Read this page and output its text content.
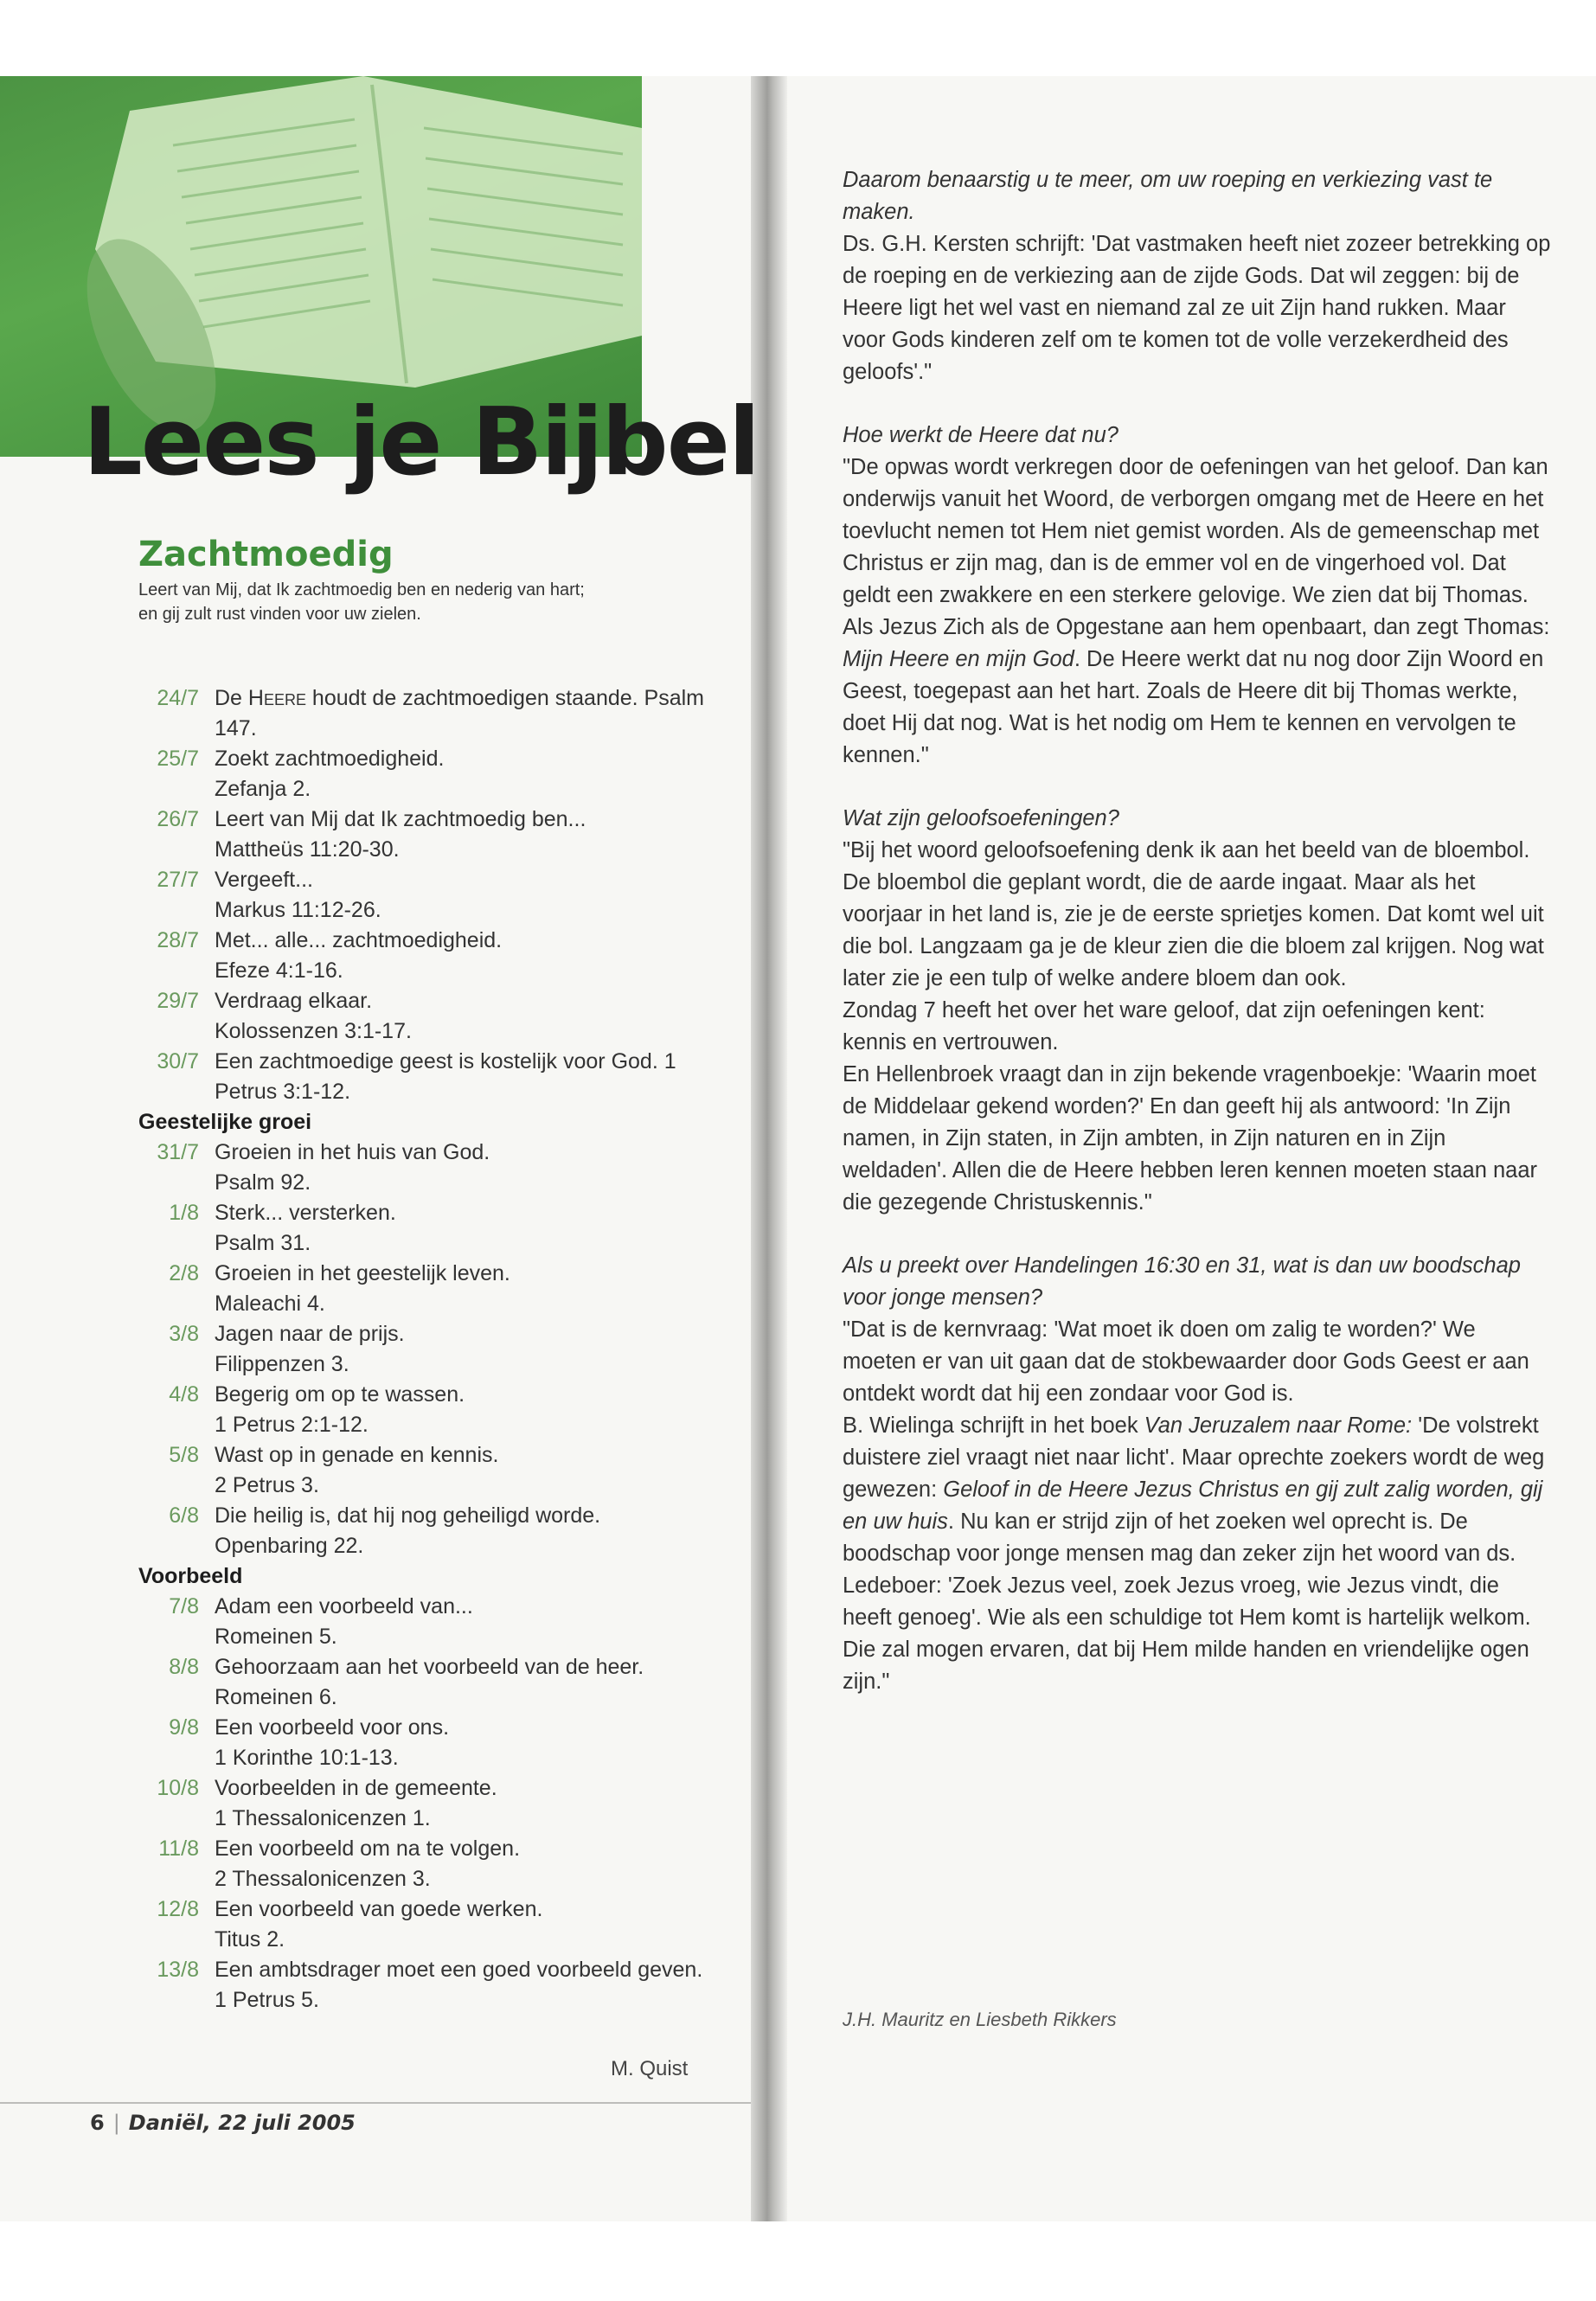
Lees je Bijbel
Zachtmoedig
Leert van Mij, dat Ik zachtmoedig ben en nederig van hart;
en gij zult rust vinden voor uw zielen.
24/7 De Heere houdt de zachtmoedigen staande. Psalm 147.
25/7 Zoekt zachtmoedigheid.
Zefanja 2.
26/7 Leert van Mij dat Ik zachtmoedig ben...
Mattheüs 11:20-30.
27/7 Vergeeft...
Markus 11:12-26.
28/7 Met... alle... zachtmoedigheid.
Efeze 4:1-16.
29/7 Verdraag elkaar.
Kolossenzen 3:1-17.
30/7 Een zachtmoedige geest is kostelijk voor God. 1 Petrus 3:1-12.
Geestelijke groei
31/7 Groeien in het huis van God.
Psalm 92.
1/8 Sterk... versterken.
Psalm 31.
2/8 Groeien in het geestelijk leven.
Maleachi 4.
3/8 Jagen naar de prijs.
Filippenzen 3.
4/8 Begerig om op te wassen.
1 Petrus 2:1-12.
5/8 Wast op in genade en kennis.
2 Petrus 3.
6/8 Die heilig is, dat hij nog geheiligd worde.
Openbaring 22.
Voorbeeld
7/8 Adam een voorbeeld van...
Romeinen 5.
8/8 Gehoorzaam aan het voorbeeld van de heer. Romeinen 6.
9/8 Een voorbeeld voor ons.
1 Korinthe 10:1-13.
10/8 Voorbeelden in de gemeente.
1 Thessalonicenzen 1.
11/8 Een voorbeeld om na te volgen.
2 Thessalonicenzen 3.
12/8 Een voorbeeld van goede werken.
Titus 2.
13/8 Een ambtsdrager moet een goed voorbeeld geven.
1 Petrus 5.
M. Quist
6 | Daniël, 22 juli 2005

Daarom benaarstig u te meer, om uw roeping en verkiezing vast te maken.
Ds. G.H. Kersten schrijft: 'Dat vastmaken heeft niet zozeer betrekking op de roeping en de verkiezing aan de zijde Gods. Dat wil zeggen: bij de Heere ligt het wel vast en niemand zal ze uit Zijn hand rukken. Maar voor Gods kinderen zelf om te komen tot de volle verzekerdheid des geloofs'."

Hoe werkt de Heere dat nu?
"De opwas wordt verkregen door de oefeningen van het geloof. Dan kan onderwijs vanuit het Woord, de verborgen omgang met de Heere en het toevlucht nemen tot Hem niet gemist worden. Als de gemeenschap met Christus er zijn mag, dan is de emmer vol en de vingerhoed vol. Dat geldt een zwakkere en een sterkere gelovige. We zien dat bij Thomas. Als Jezus Zich als de Opgestane aan hem openbaart, dan zegt Thomas: Mijn Heere en mijn God. De Heere werkt dat nu nog door Zijn Woord en Geest, toegepast aan het hart. Zoals de Heere dit bij Thomas werkte, doet Hij dat nog. Wat is het nodig om Hem te kennen en vervolgen te kennen."

Wat zijn geloofsoefeningen?
"Bij het woord geloofsoefening denk ik aan het beeld van de bloembol. De bloembol die geplant wordt, die de aarde ingaat. Maar als het voorjaar in het land is, zie je de eerste sprietjes komen. Dat komt wel uit die bol. Langzaam ga je de kleur zien die die bloem zal krijgen. Nog wat later zie je een tulp of welke andere bloem dan ook.
Zondag 7 heeft het over het ware geloof, dat zijn oefeningen kent: kennis en vertrouwen.
En Hellenbroek vraagt dan in zijn bekende vragenboekje: 'Waarin moet de Middelaar gekend worden?' En dan geeft hij als antwoord: 'In Zijn namen, in Zijn staten, in Zijn ambten, in Zijn naturen en in Zijn weldaden'. Allen die de Heere hebben leren kennen moeten staan naar die gezegende Christuskennis."

Als u preekt over Handelingen 16:30 en 31, wat is dan uw boodschap voor jonge mensen?
"Dat is de kernvraag: 'Wat moet ik doen om zalig te worden?' We moeten er van uit gaan dat de stokbewaarder door Gods Geest er aan ontdekt wordt dat hij een zondaar voor God is.
B. Wielinga schrijft in het boek Van Jeruzalem naar Rome: 'De volstrekt duistere ziel vraagt niet naar licht'. Maar oprechte zoekers wordt de weg gewezen: Geloof in de Heere Jezus Christus en gij zult zalig worden, gij en uw huis. Nu kan er strijd zijn of het zoeken wel oprecht is. De boodschap voor jonge mensen mag dan zeker zijn het woord van ds. Ledeboer: 'Zoek Jezus veel, zoek Jezus vroeg, wie Jezus vindt, die heeft genoeg'. Wie als een schuldige tot Hem komt is hartelijk welkom. Die zal mogen ervaren, dat bij Hem milde handen en vriendelijke ogen zijn."

J.H. Mauritz en Liesbeth Rikkers
